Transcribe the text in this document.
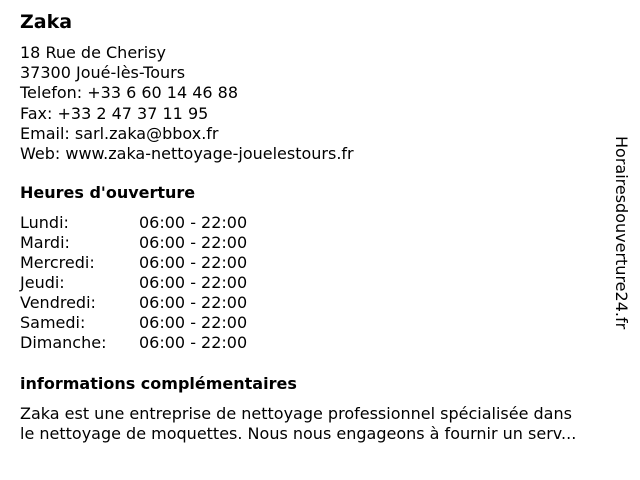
Zaka
18 Rue de Cherisy
37300 Joué-lès-Tours
Telefon: +33 6 60 14 46 88
Fax: +33 2 47 37 11 95
Email: sarl.zaka@bbox.fr
Web: www.zaka-nettoyage-jouelestours.fr
Heures d'ouverture
Lundi:	06:00 - 22:00
Mardi:	06:00 - 22:00
Mercredi:	06:00 - 22:00
Jeudi:	06:00 - 22:00
Vendredi:	06:00 - 22:00
Samedi:	06:00 - 22:00
Dimanche: 06:00 - 22:00
informations complémentaires
Zaka est une entreprise de nettoyage professionnel spécialisée dans
le nettoyage de moquettes. Nous nous engageons à fournir un serv...
Horairesdouverture24.fr
